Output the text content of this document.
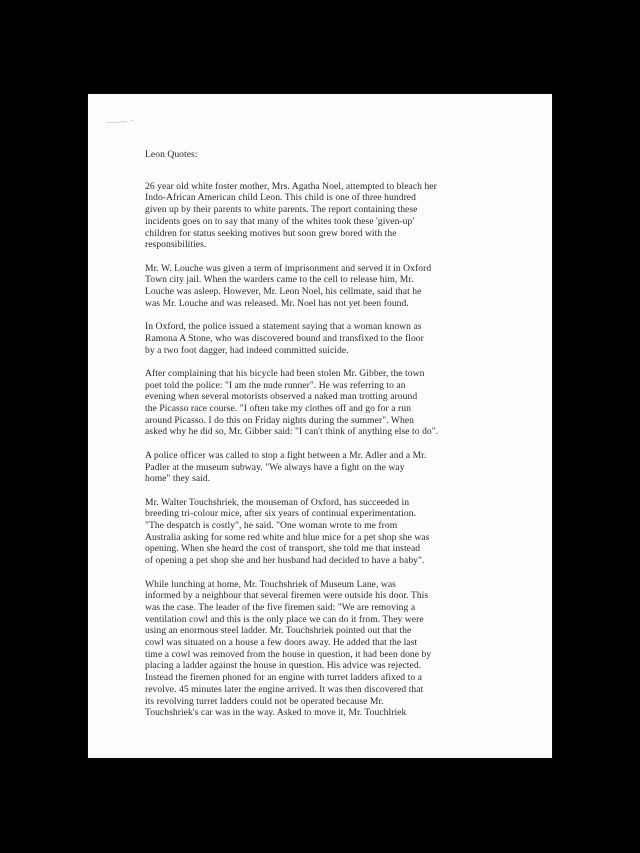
Leon Quotes:
26 year old white foster mother, Mrs. Agatha Noel, attempted to bleach her
Indo-African American child Leon. This child is one of three hundred
given up by their parents to white parents. The report containing these
incidents goes on to say that many of the whites took these 'given-up'
children for status seeking motives but soon grew bored with the
responsibilities.
Mr. W. Louche was given a term of imprisonment and served it in Oxford
Town city jail. When the warders came to the cell to release him, Mr.
Louche was asleep. However, Mr. Leon Noel, his cellmate, said that he
was Mr. Louche and was released. Mr. Noel has not yet been found.
In Oxford, the police issued a statement saying that a woman known as
Ramona A Stone, who was discovered bound and transfixed to the floor
by a two foot dagger, had indeed committed suicide.
After complaining that his bicycle had been stolen Mr. Gibber, the town
poet told the police: "I am the nude runner". He was referring to an
evening when several motorists observed a naked man trotting around
the Picasso race course. "I often take my clothes off and go for a run
around Picasso. I do this on Friday nights during the summer". When
asked why he did so, Mr. Gibber said: "I can't think of anything else to do".
A police officer was called to stop a fight between a Mr. Adler and a Mr.
Padler at the museum subway. "We always have a fight on the way
home" they said.
Mr. Walter Touchshriek, the mouseman of Oxford, has succeeded in
breeding tri-colour mice, after six years of continual experimentation.
"The despatch is costly", he said. "One woman wrote to me from
Australia asking for some red white and blue mice for a pet shop she was
opening. When she heard the cost of transport, she told me that instead
of opening a pet shop she and her husband had decided to have a baby".
While lunching at home, Mr. Touchshriek of Museum Lane, was
informed by a neighbour that several firemen were outside his door. This
was the case. The leader of the five firemen said: "We are removing a
ventilation cowl and this is the only place we can do it from. They were
using an enormous steel ladder. Mr. Touchshriek pointed out that the
cowl was situated on a house a few doors away. He added that the last
time a cowl was removed from the house in question, it had been done by
placing a ladder against the house in question. His advice was rejected.
Instead the firemen phoned for an engine with turret ladders afixed to a
revolve. 45 minutes later the engine arrived. It was then discovered that
its revolving turret ladders could not be operated because Mr.
Touchshriek's car was in the way. Asked to move it, Mr. Touchlriek
